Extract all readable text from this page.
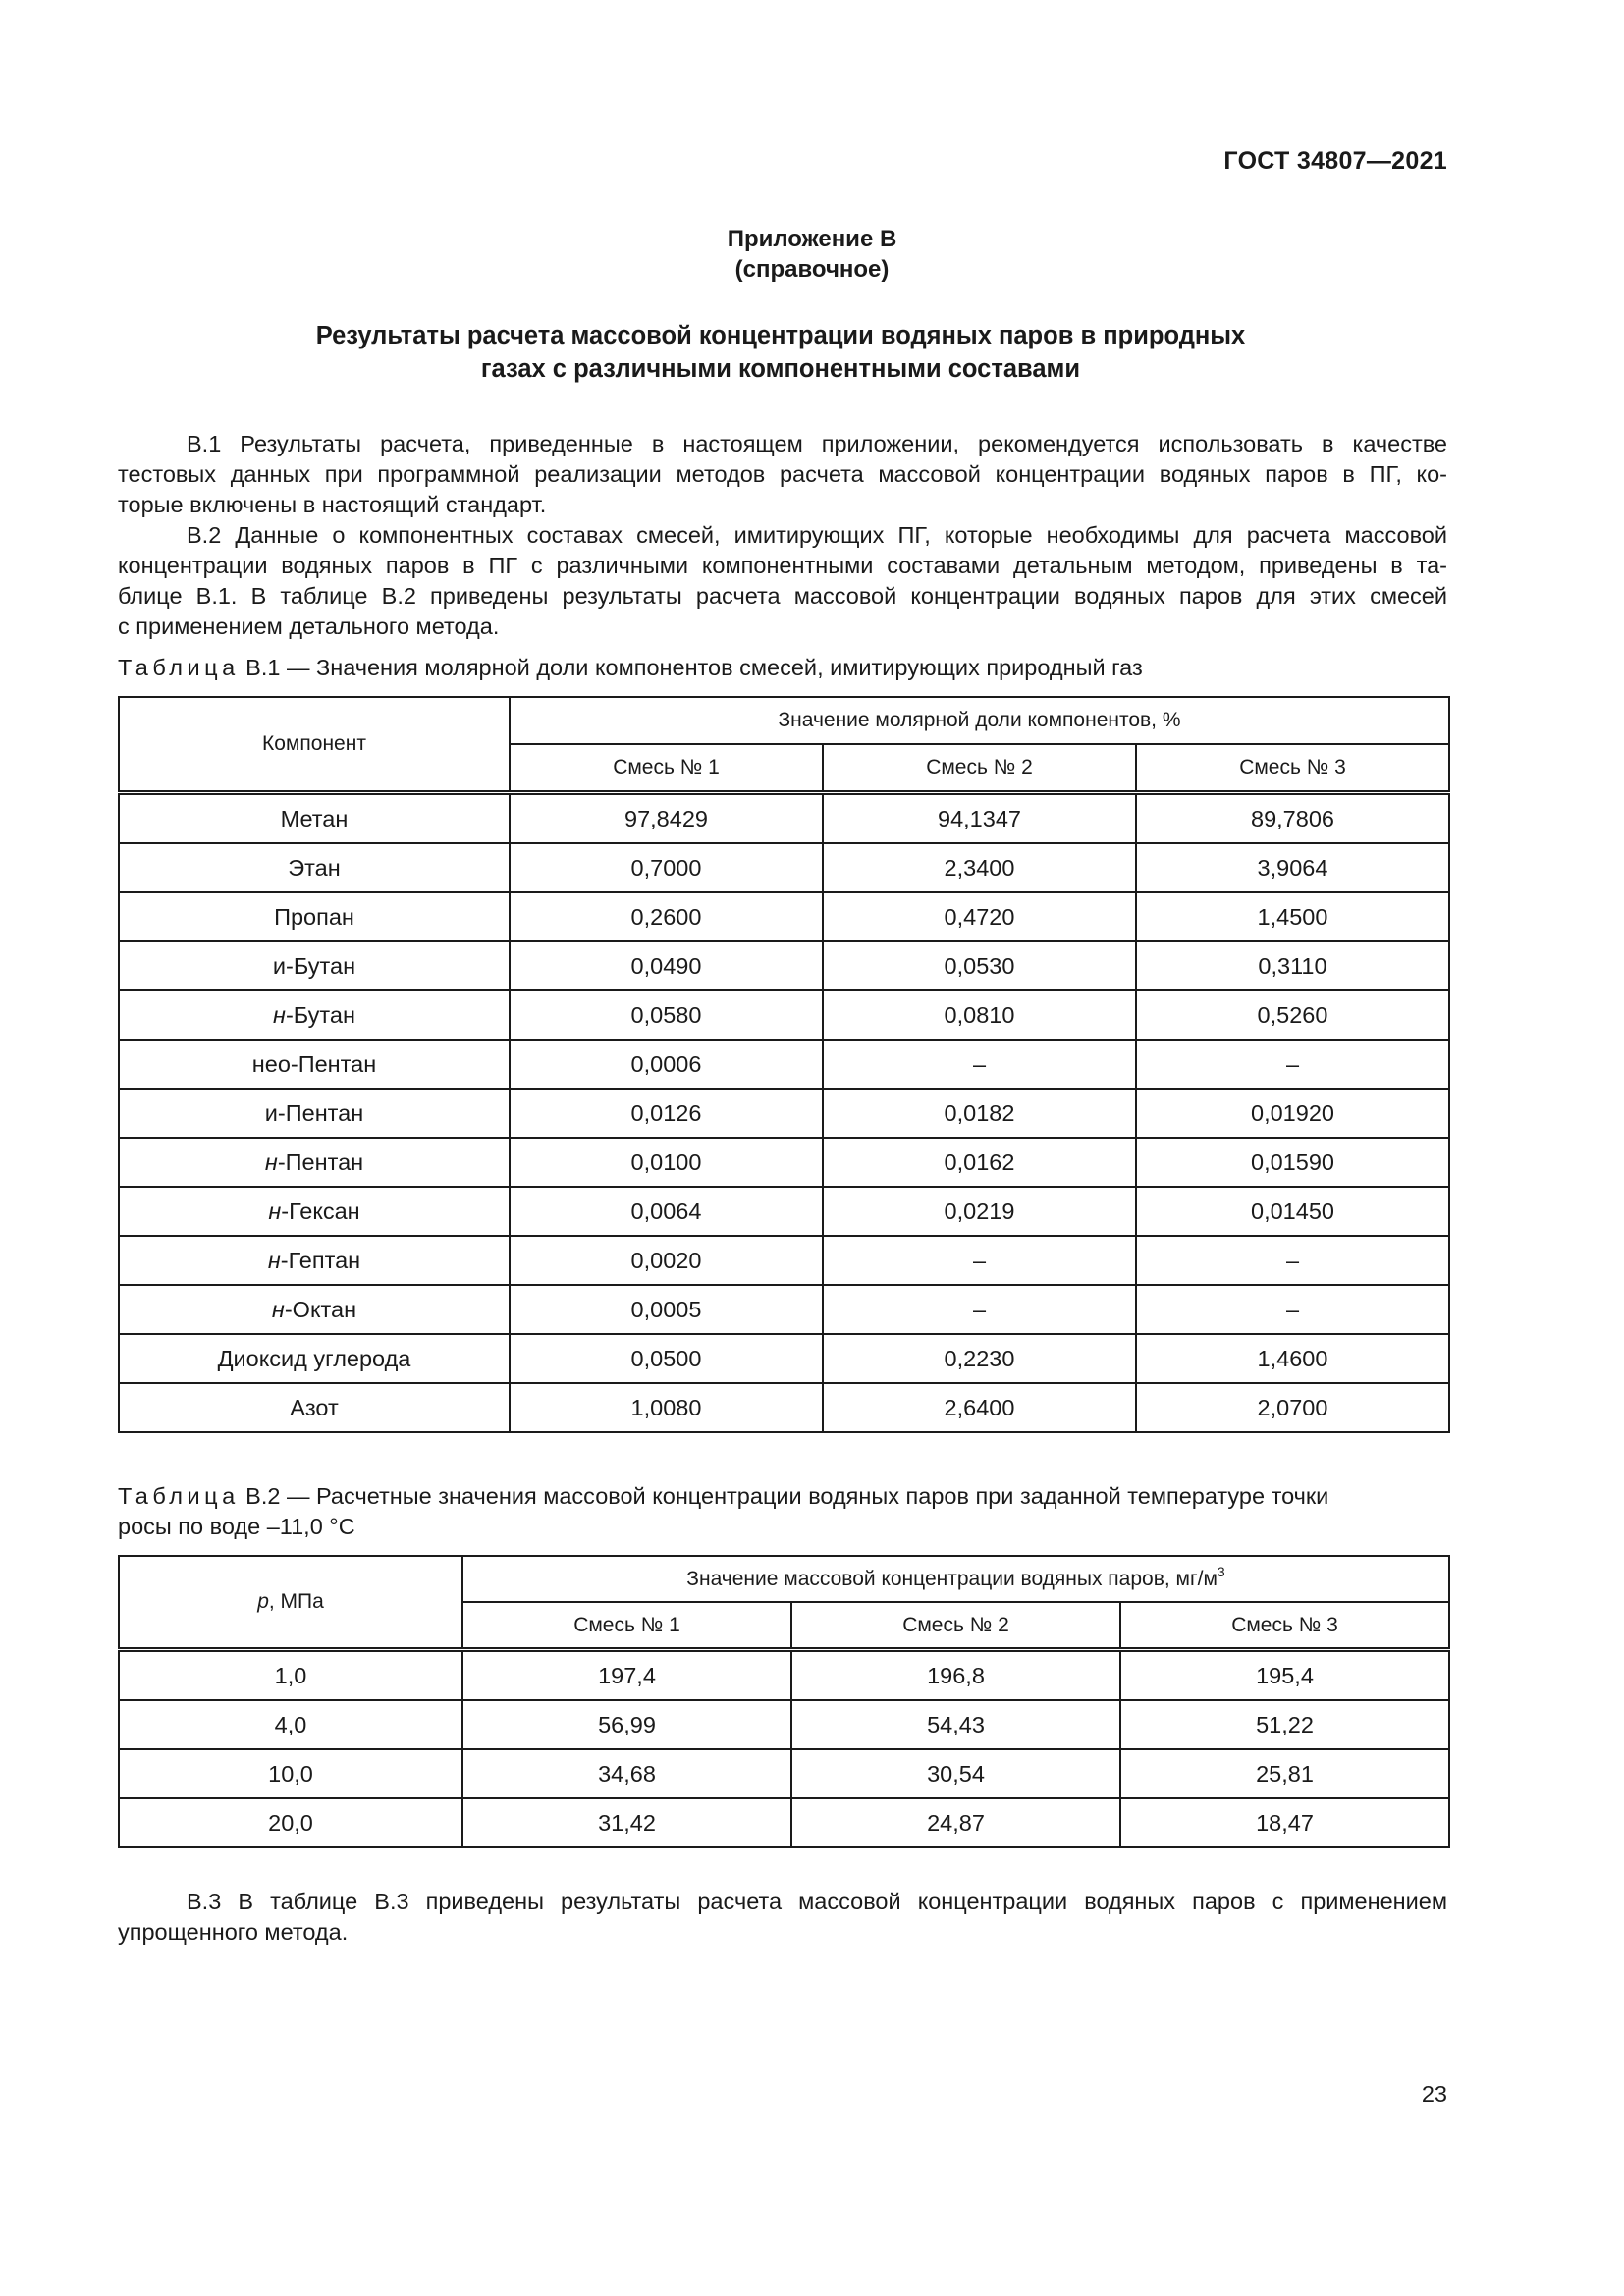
ГОСТ 34807—2021
Приложение В
(справочное)
Результаты расчета массовой концентрации водяных паров в природных
газах с различными компонентными составами
В.1 Результаты расчета, приведенные в настоящем приложении, рекомендуется использовать в качестве
тестовых данных при программной реализации методов расчета массовой концентрации водяных паров в ПГ, ко-
торые включены в настоящий стандарт.
В.2 Данные о компонентных составах смесей, имитирующих ПГ, которые необходимы для расчета массовой
концентрации водяных паров в ПГ с различными компонентными составами детальным методом, приведены в та-
блице В.1. В таблице В.2 приведены результаты расчета массовой концентрации водяных паров для этих смесей
с применением детального метода.
Таблица В.1 — Значения молярной доли компонентов смесей, имитирующих природный газ
Компонент	Значение молярной доли компонентов, %		
	Смесь № 1	Смесь № 2	Смесь № 3
Метан	97,8429	94,1347	89,7806
Этан	0,7000	2,3400	3,9064
Пропан	0,2600	0,4720	1,4500
и-Бутан	0,0490	0,0530	0,3110
н-Бутан	0,0580	0,0810	0,5260
нео-Пентан	0,0006	–	–
и-Пентан	0,0126	0,0182	0,01920
н-Пентан	0,0100	0,0162	0,01590
н-Гексан	0,0064	0,0219	0,01450
н-Гептан	0,0020	–	–
н-Октан	0,0005	–	–
Диоксид углерода	0,0500	0,2230	1,4600
Азот	1,0080	2,6400	2,0700
Таблица В.2 — Расчетные значения массовой концентрации водяных паров при заданной температуре точки
росы по воде –11,0 °С
p, МПа	Значение массовой концентрации водяных паров, $мг/м^3$
	Смесь № 1	Смесь № 2	Смесь № 3
1,0	197,4	196,8	195,4
4,0	56,99	54,43	51,22
10,0	34,68	30,54	25,81
20,0	31,42	24,87	18,47
В.3 В таблице В.3 приведены результаты расчета массовой концентрации водяных паров с применением
упрощенного метода.
23
